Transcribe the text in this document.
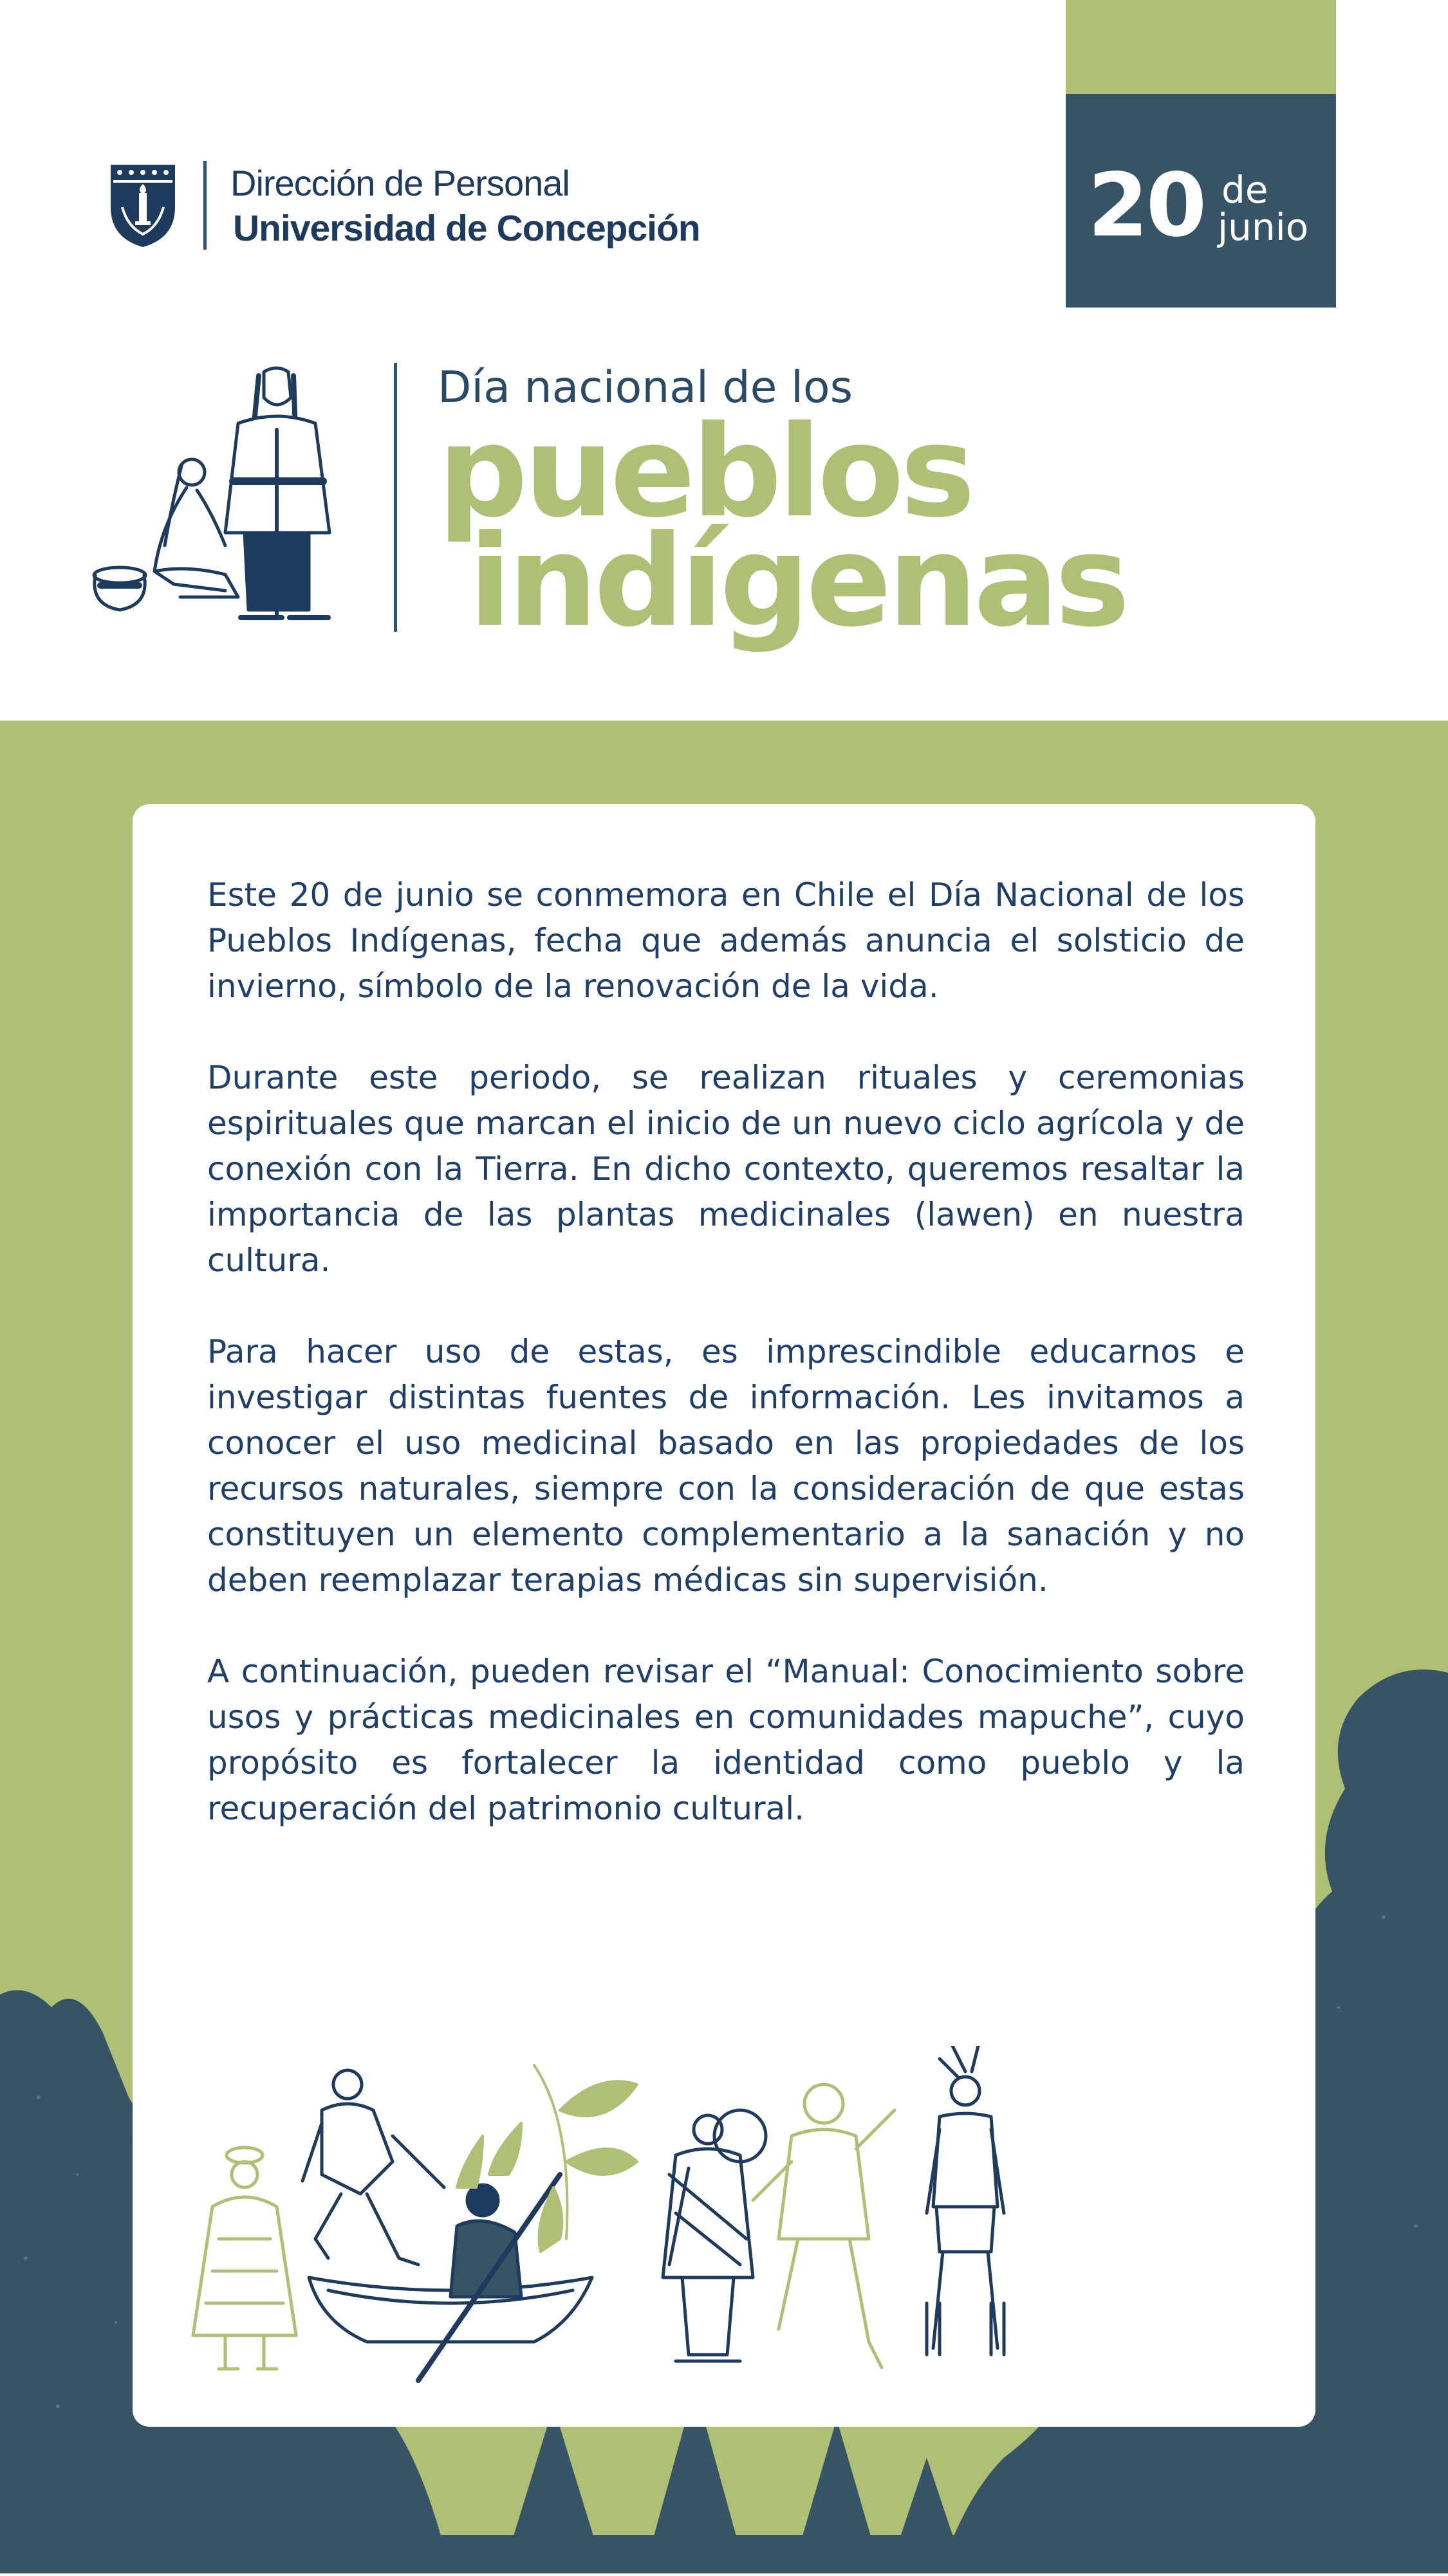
Dirección de Personal
Universidad de Concepción	20 de
junio
Día nacional de los
pueblos
indígenas

Este 20 de junio se conmemora en Chile el Día Nacional de los Pueblos Indígenas, fecha que además anuncia el solsticio de invierno, símbolo de la renovación de la vida.

Durante este periodo, se realizan rituales y ceremonias espirituales que marcan el inicio de un nuevo ciclo agrícola y de conexión con la Tierra. En dicho contexto, queremos resaltar la importancia de las plantas medicinales (lawen) en nuestra cultura.

Para hacer uso de estas, es imprescindible educarnos e investigar distintas fuentes de información. Les invitamos a conocer el uso medicinal basado en las propiedades de los recursos naturales, siempre con la consideración de que estas constituyen un elemento complementario a la sanación y no deben reemplazar terapias médicas sin supervisión.

A continuación, pueden revisar el “Manual: Conocimiento sobre usos y prácticas medicinales en comunidades mapuche”, cuyo propósito es fortalecer la identidad como pueblo y la recuperación del patrimonio cultural.
